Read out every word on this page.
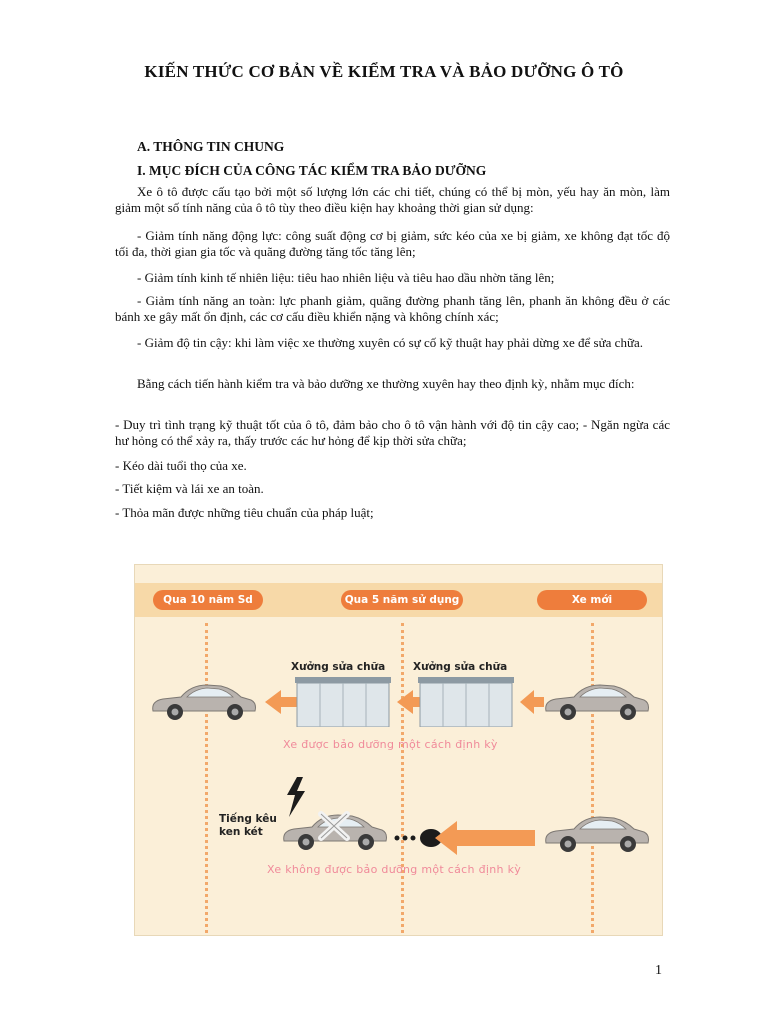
KIẾN THỨC CƠ BẢN VỀ KIỂM TRA VÀ BẢO DƯỠNG Ô TÔ
A. THÔNG TIN CHUNG
I. MỤC ĐÍCH CỦA CÔNG TÁC KIỂM TRA BẢO DƯỠNG

Xe ô tô được cấu tạo bởi một số lượng lớn các chi tiết, chúng có thể bị mòn, yếu hay ăn mòn, làm giảm một số tính năng của ô tô tùy theo điều kiện hay khoảng thời gian sử dụng:

- Giảm tính năng động lực: công suất động cơ bị giảm, sức kéo của xe bị giảm, xe không đạt tốc độ tối đa, thời gian gia tốc và quãng đường tăng tốc tăng lên;

- Giảm tính kinh tế nhiên liệu: tiêu hao nhiên liệu và tiêu hao dầu nhờn tăng lên;

- Giảm tính năng an toàn: lực phanh giảm, quãng đường phanh tăng lên, phanh ăn không đều ở các bánh xe gây mất ổn định, các cơ cấu điều khiển nặng và không chính xác;

- Giảm độ tin cậy: khi làm việc xe thường xuyên có sự cố kỹ thuật hay phải dừng xe để sửa chữa.

Bằng cách tiến hành kiểm tra và bảo dưỡng xe thường xuyên hay theo định kỳ, nhằm mục đích:

- Duy trì tình trạng kỹ thuật tốt của ô tô, đảm bảo cho ô tô vận hành với độ tin cậy cao; - Ngăn ngừa các hư hỏng có thể xảy ra, thấy trước các hư hỏng để kịp thời sửa chữa;

- Kéo dài tuổi thọ của xe.

- Tiết kiệm và lái xe an toàn.

- Thỏa mãn được những tiêu chuẩn của pháp luật;

Qua 10 năm Sd	Qua 5 năm sử dụng	Xe mới
Xưởng sửa chữa	Xưởng sửa chữa
Xe được bảo dưỡng một cách định kỳ
Tiếng kêu
ken két
Xe không được bảo dưỡng một cách định kỳ
1
